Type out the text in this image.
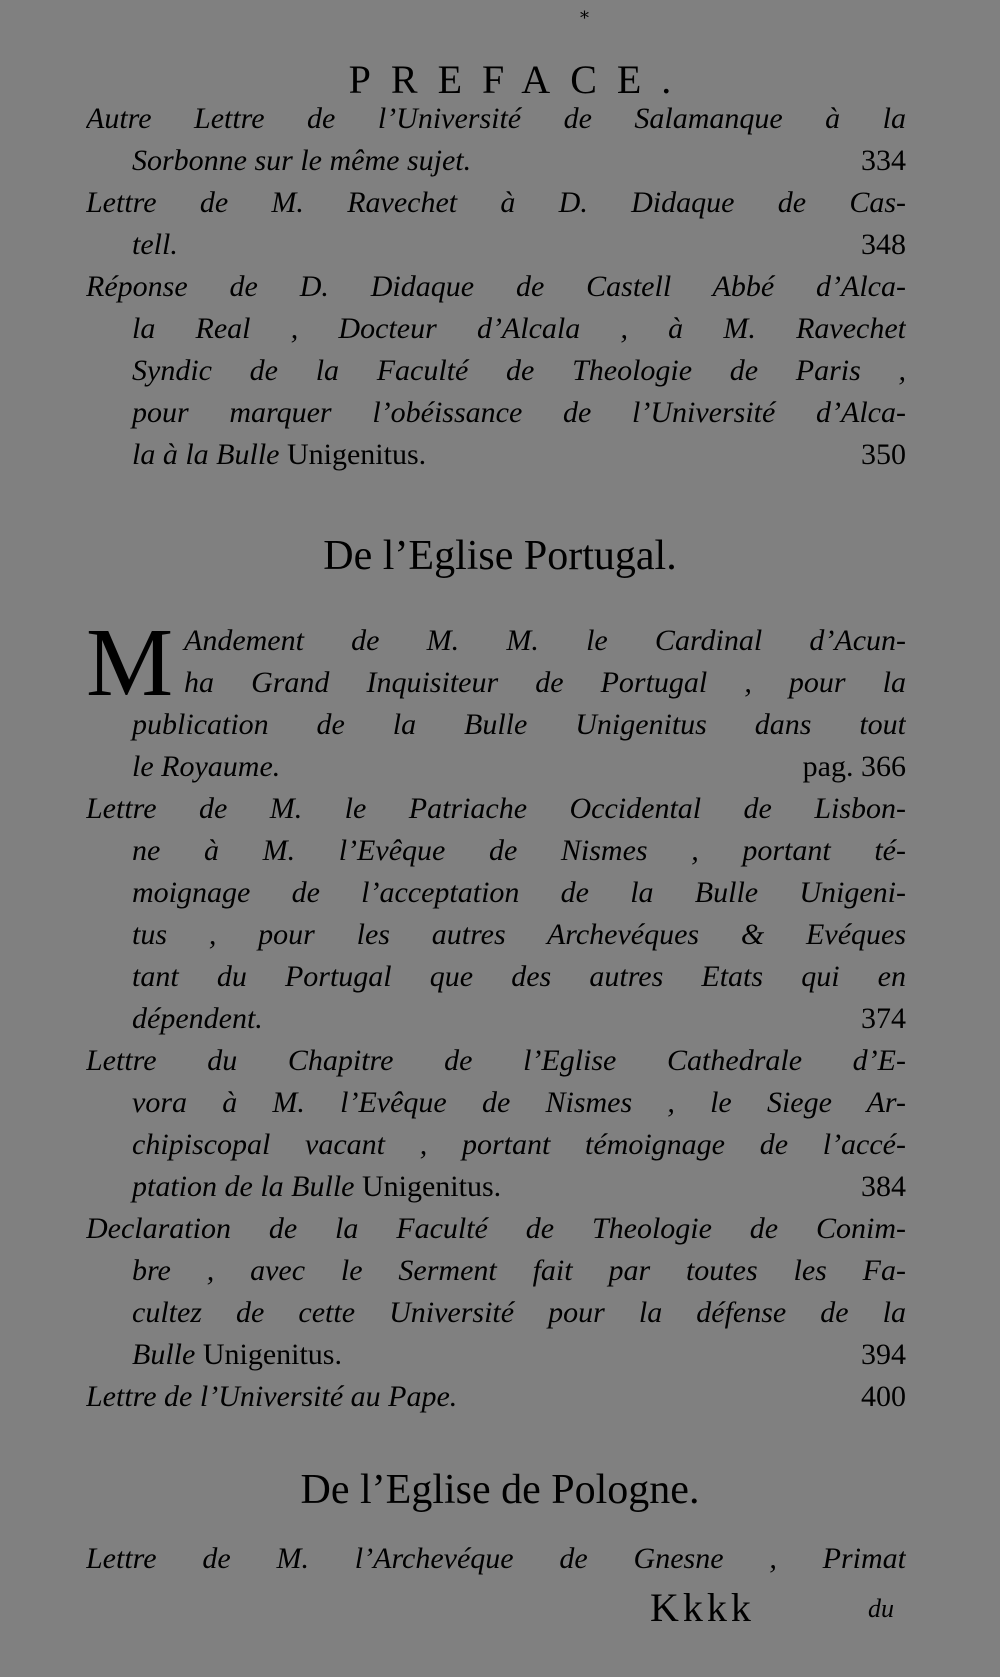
*
PREFACE.
Autre Lettre de l’Université de Salamanque à la
Sorbonne sur le même sujet.	334
Lettre de M. Ravechet à D. Didaque de Cas-
tell.	348
Réponse de D. Didaque de Castell Abbé d’Alca-
la Real , Docteur d’Alcala , à M. Ravechet
Syndic de la Faculté de Theologie de Paris ,
pour marquer l’obéissance de l’Université d’Alca-
la à la Bulle Unigenitus.	350
De l’Eglise Portugal.
M Andement de M. M. le Cardinal d’Acun-
ha Grand Inquisiteur de Portugal , pour la
publication de la Bulle Unigenitus dans tout
le Royaume.	pag. 366
Lettre de M. le Patriache Occidental de Lisbon-
ne à M. l’Evêque de Nismes , portant té-
moignage de l’acceptation de la Bulle Unigeni-
tus , pour les autres Archevéques & Evéques
tant du Portugal que des autres Etats qui en
dépendent.	374
Lettre du Chapitre de l’Eglise Cathedrale d’E-
vora à M. l’Evêque de Nismes , le Siege Ar-
chipiscopal vacant , portant témoignage de l’accé-
ptation de la Bulle Unigenitus.	384
Declaration de la Faculté de Theologie de Conim-
bre , avec le Serment fait par toutes les Fa-
cultez de cette Université pour la défense de la
Bulle Unigenitus.	394
Lettre de l’Université au Pape.	400
De l’Eglise de Pologne.
Lettre de M. l’Archevéque de Gnesne , Primat
Kkkk	du
